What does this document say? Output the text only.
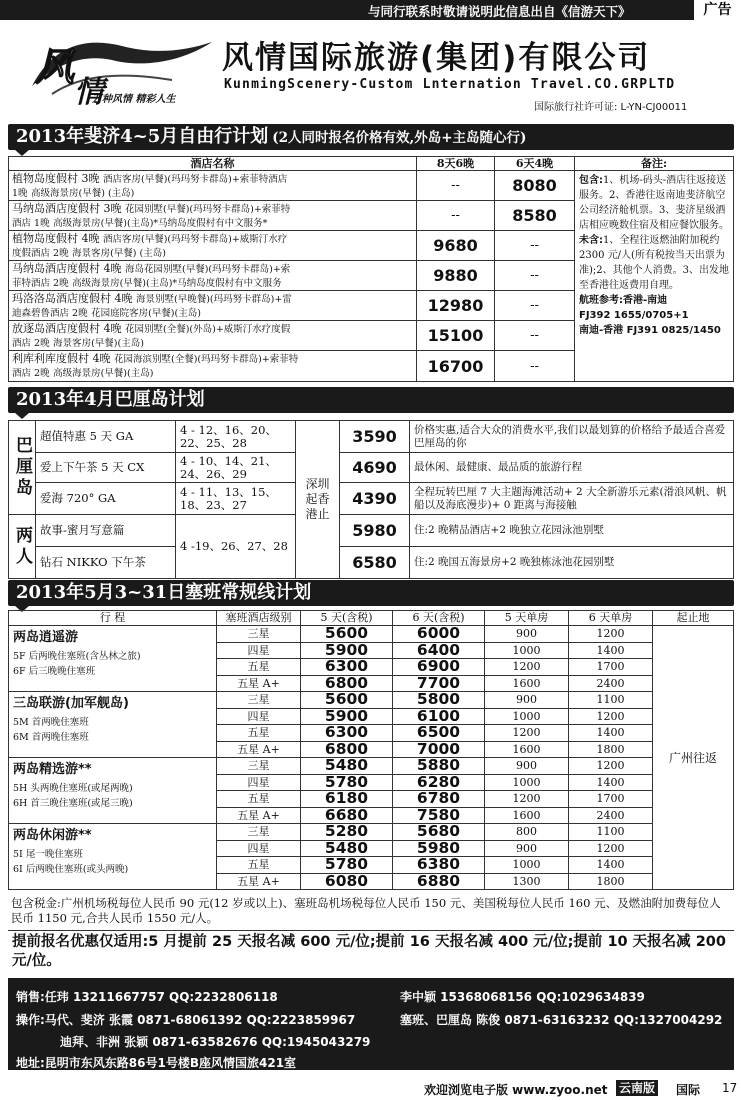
与同行联系时敬请说明此信息出自《信游天下》	广告
风
情
万种风情 精彩人生
风情国际旅游(集团)有限公司
KunmingScenery-Custom Lnternation Travel.CO.GRPLTD
国际旅行社许可证: L-YN-CJ00011
2013年斐济4~5月自由行计划 (2人同时报名价格有效,外岛+主岛随心行)
酒店名称	8天6晚	6天4晚	备注:
植物岛度假村 3晚 酒店客房(早餐)(玛玛努卡群岛)+索菲特酒店
1晚 高级海景房(早餐) (主岛)	--	8080	包含:1、机场-码头-酒店往返接送服务。2、香港往返南迪斐济航空公司经济舱机票。3、斐济星级酒店相应晚数住宿及相应餐饮服务。
未含:1、全程往返燃油附加税约 2300 元/人(所有税按当天出票为准);2、其他个人消费。3、出发地至香港往返费用自理。
航班参考:香港-南迪
FJ392 1655/0705+1
南迪-香港 FJ391 0825/1450
马纳岛酒店度假村 3晚 花园别墅(早餐)(玛玛努卡群岛)+索菲特
酒店 1晚 高级海景房(早餐)(主岛)*马纳岛度假村有中文服务*	--	8580	
植物岛度假村 4晚 酒店客房(早餐)(玛玛努卡群岛)+威斯汀水疗
度假酒店 2晚 海景客房(早餐) (主岛)	9680	--	
马纳岛酒店度假村 4晚 海岛花园别墅(早餐)(玛玛努卡群岛)+索
菲特酒店 2晚 高级海景房(早餐)(主岛)*马纳岛度假村有中文服务	9880	--	
玛洛洛岛酒店度假村 4晚 海景别墅(早晚餐)(玛玛努卡群岛)+雷
迪森碧鲁酒店 2晚 花园庭院客房(早餐)(主岛)	12980	--	
放逐岛酒店度假村 4晚 花园别墅(全餐)(外岛)+威斯汀水疗度假
酒店 2晚 海景客房(早餐)(主岛)	15100	--	
利库利库度假村 4晚 花园海滨别墅(全餐)(玛玛努卡群岛)+索菲特
酒店 2晚 高级海景房(早餐)(主岛)	16700	--	
2013年4月巴厘岛计划
巴厘岛	超值特惠 5 天 GA	4 - 12、16、20、22、25、28	深圳起香港止	3590	价格实惠,适合大众的消费水平,我们以最划算的价格给予最适合喜爱巴厘岛的你
	爱上下午茶 5 天 CX	4 - 10、14、21、24、26、29		4690	最休闲、最健康、最品质的旅游行程
	爱海 720° GA	4 - 11、13、15、18、23、27		4390	全程玩转巴厘 7 大主题海滩活动+ 2 大全新游乐元素(滑浪风帆、帆船以及海底漫步)+ 0 距离与海接触
两人	故事-蜜月写意篇	4 -19、26、27、28		5980	住:2 晚精品酒店+2 晚独立花园泳池别墅
	钻石 NIKKO 下午茶			6580	住:2 晚国五海景房+2 晚独栋泳池花园别墅
2013年5月3~31日塞班常规线计划
行 程	塞班酒店级别	5 天(含税)	6 天(含税)	5 天单房	6 天单房	起止地

两岛逍遥游
5F 后两晚住塞班(含丛林之旅)
6F 后三晚晚住塞班	三星	5600	6000	900	1200	广州往返
	四星	5900	6400	1000	1400	
	五星	6300	6900	1200	1700	
	五星 A+	6800	7700	1600	2400	

三岛联游(加军舰岛)
5M 首两晚住塞班
6M 首两晚住塞班	三星	5600	5800	900	1100	
	四星	5900	6100	1000	1200	
	五星	6300	6500	1200	1400	
	五星 A+	6800	7000	1600	1800	

两岛精选游**
5H 头两晚住塞班(或尾两晚)
6H 首三晚住塞班(或尾三晚)	三星	5480	5880	900	1200	
	四星	5780	6280	1000	1400	
	五星	6180	6780	1200	1700	
	五星 A+	6680	7580	1600	2400	

两岛休闲游**
5I 尾一晚住塞班
6I 后两晚住塞班(或头两晚)	三星	5280	5680	800	1100	
	四星	5480	5980	900	1200	
	五星	5780	6380	1000	1400	
	五星 A+	6080	6880	1300	1800	
包含税金:广州机场税每位人民币 90 元(12 岁或以上)、塞班岛机场税每位人民币 150 元、美国税每位人民币 160 元、及燃油附加费每位人民币 1150 元,合共人民币 1550 元/人。
提前报名优惠仅适用:5 月提前 25 天报名减 600 元/位;提前 16 天报名减 400 元/位;提前 10 天报名减 200 元/位。
销售:任玮 13211667757 QQ:2232806118	李中颖 15368068156 QQ:1029634839
操作:马代、斐济 张霞 0871-68061392 QQ:2223859967	塞班、巴厘岛 陈俊 0871-63163232 QQ:1327004292
迪拜、非洲 张颖 0871-63582676 QQ:1945043279
地址:昆明市东风东路86号1号楼B座风情国旅421室
欢迎浏览电子版 www.zyoo.net 云南版 国际 17
